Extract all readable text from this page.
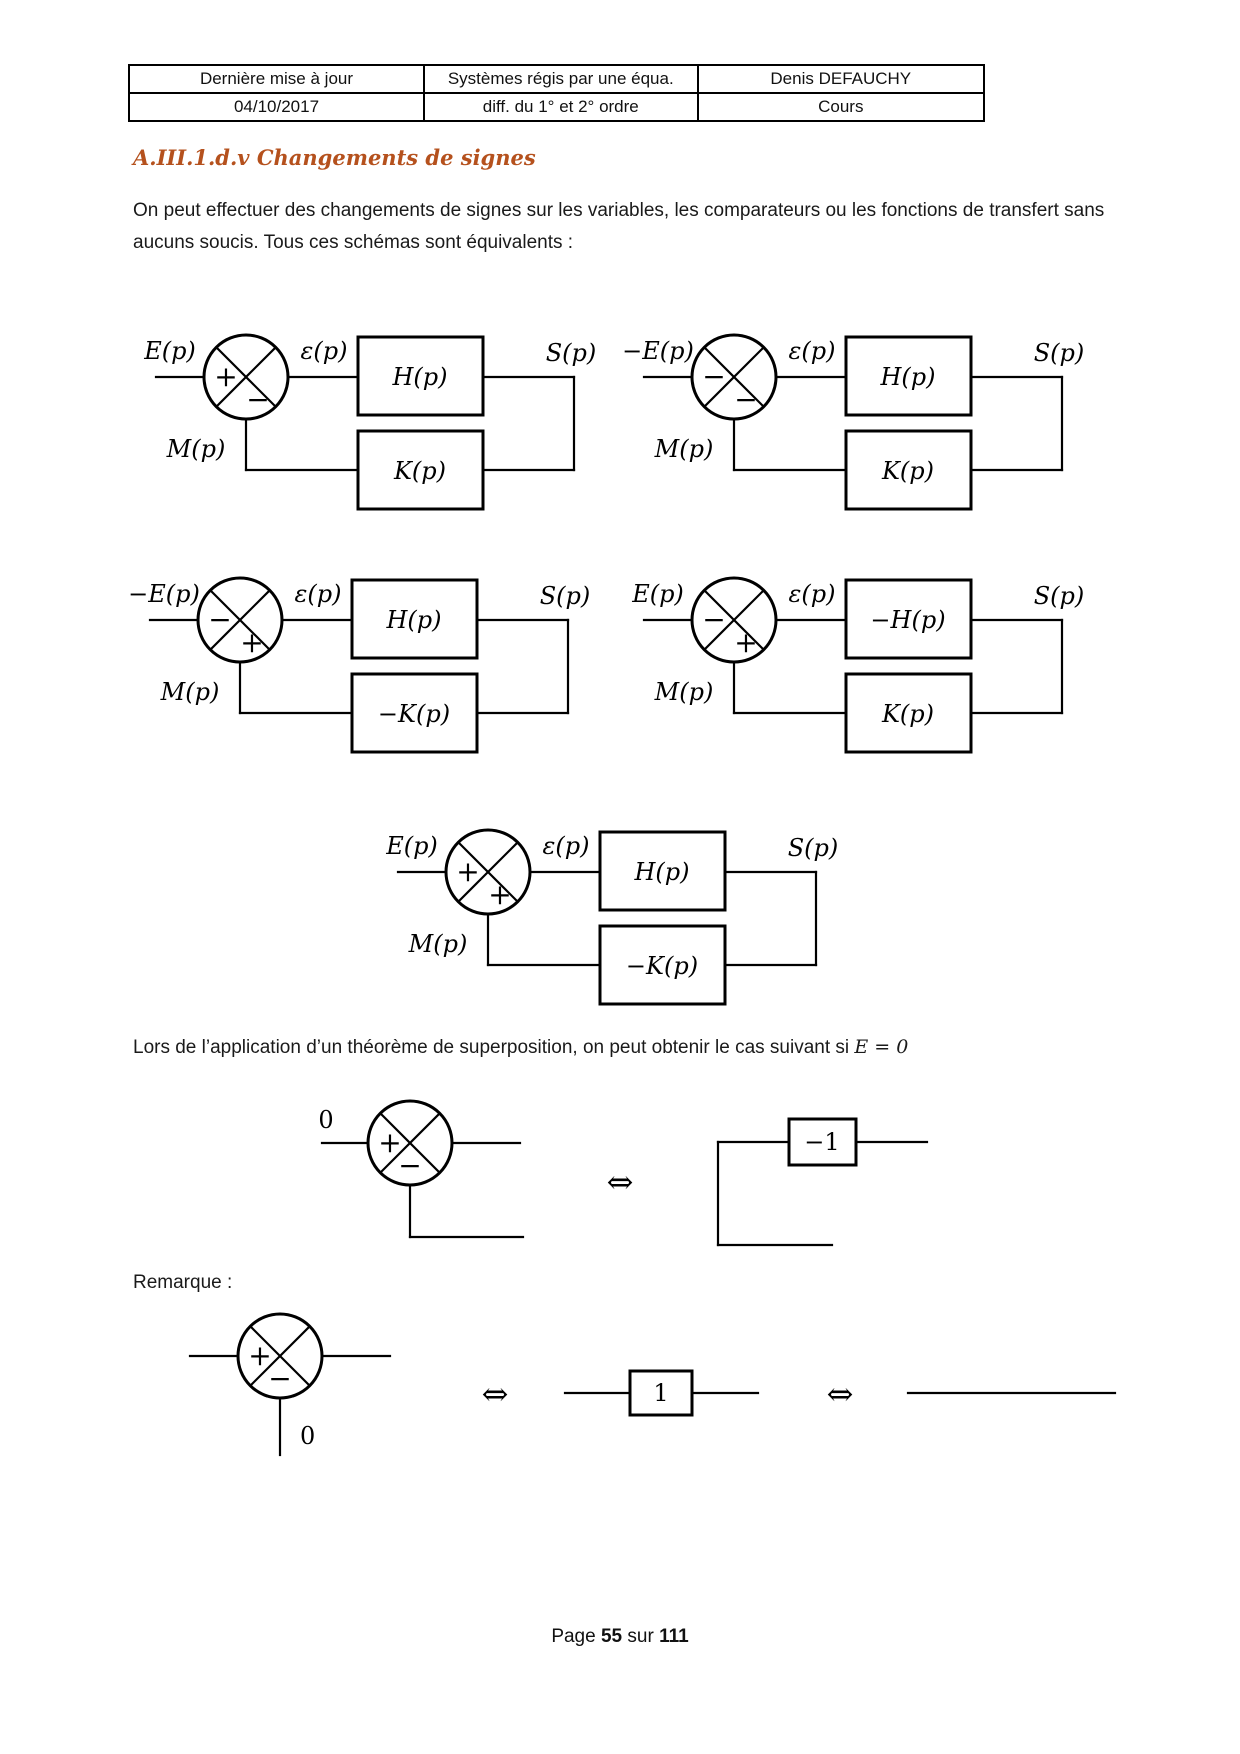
Dernière mise à jour	Systèmes régis par une équa.	Denis DEFAUCHY
04/10/2017	diff. du 1° et 2° ordre	Cours
A.III.1.d.v Changements de signes
On peut effectuer des changements de signes sur les variables, les comparateurs ou les fonctions de transfert sans aucuns soucis. Tous ces schémas sont équivalents :
E(p)
+
−
ε(p)
H(p)
S(p)
K(p)
M(p)
−E(p)
−
−
ε(p)
H(p)
S(p)
K(p)
M(p)
−E(p)
−
+
ε(p)
H(p)
S(p)
−K(p)
M(p)
E(p)
−
+
ε(p)
−H(p)
S(p)
K(p)
M(p)
E(p)
+
+
ε(p)
H(p)
S(p)
−K(p)
M(p)
Lors de l’application d’un théorème de superposition, on peut obtenir le cas suivant si E = 0
0
+
−	⇔
−1
Remarque :
+
−
0
⇔	1	⇔
Page 55 sur 111
